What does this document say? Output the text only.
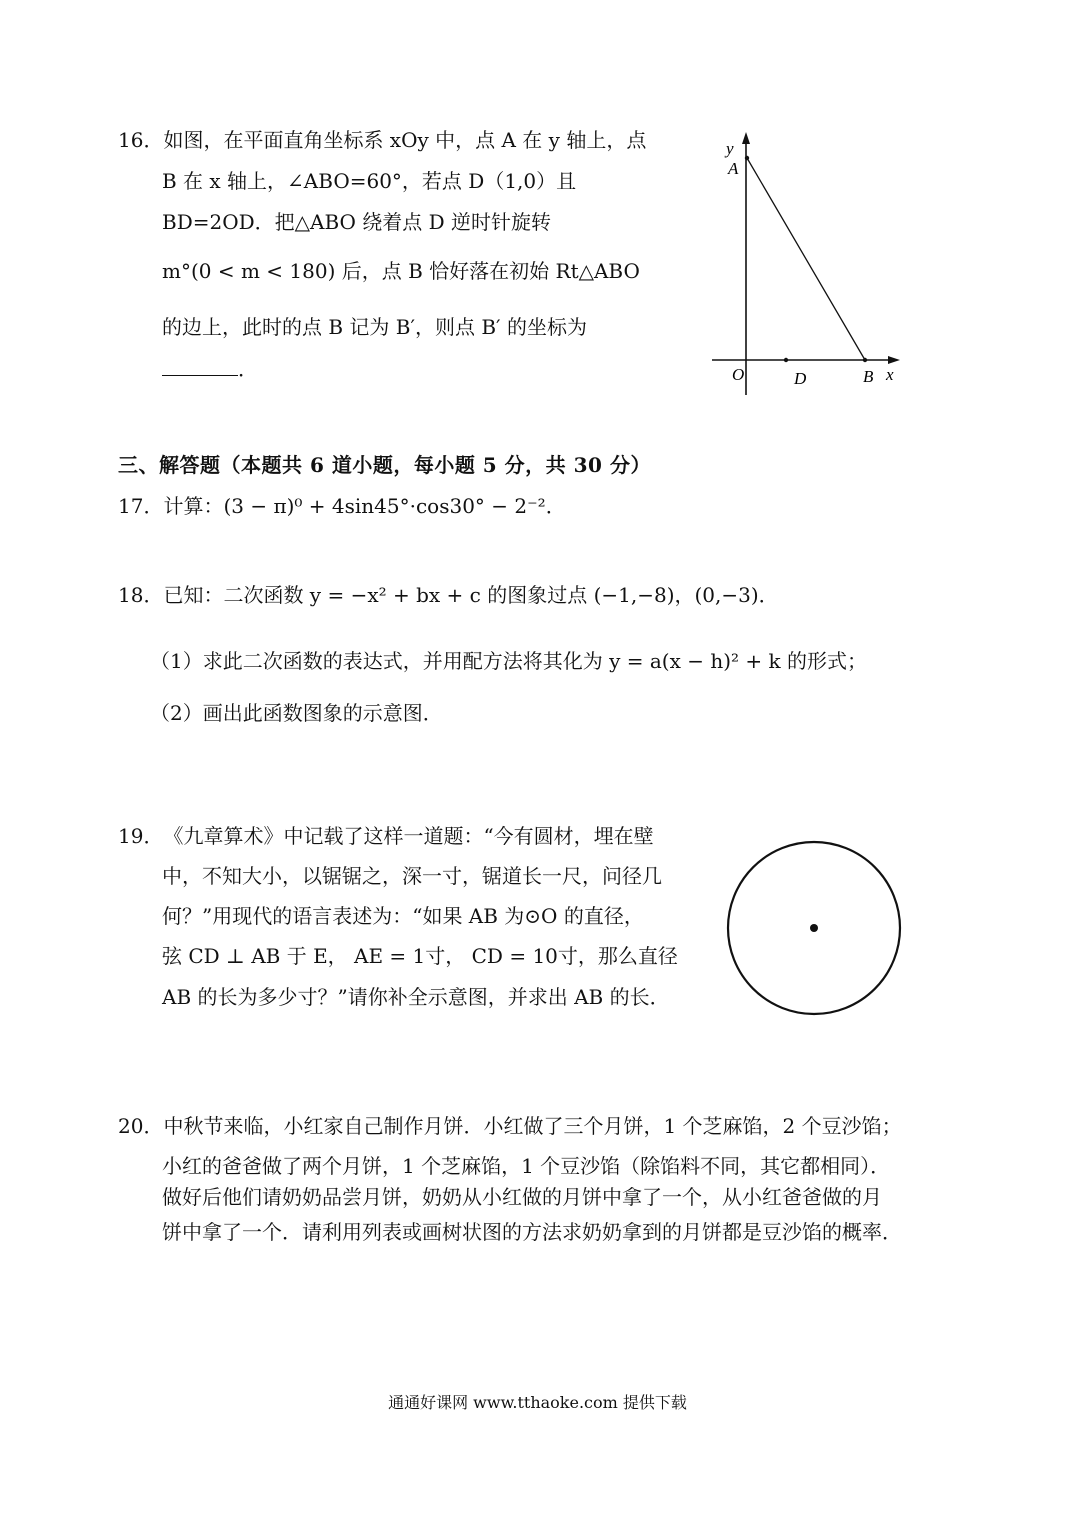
16．如图，在平面直角坐标系 xOy 中，点 A 在 y 轴上，点
B 在 x 轴上，∠ABO=60°，若点 D（1,0）且
BD=2OD．把△ABO 绕着点 D 逆时针旋转
m°(0 < m < 180) 后，点 B 恰好落在初始 Rt△ABO
的边上，此时的点 B 记为 B′，则点 B′ 的坐标为
．
y
A
O	D	B x
三、解答题（本题共 6 道小题，每小题 5 分，共 30 分）
17．计算：(3 − π)⁰ + 4sin45°·cos30° − 2⁻²．
18．已知：二次函数 y = −x² + bx + c 的图象过点 (−1,−8)，(0,−3)．
（1）求此二次函数的表达式，并用配方法将其化为 y = a(x − h)² + k 的形式；
（2）画出此函数图象的示意图．
19．《九章算术》中记载了这样一道题：“今有圆材，埋在壁
中，不知大小，以锯锯之，深一寸，锯道长一尺，问径几
何？”用现代的语言表述为：“如果 AB 为⊙O 的直径，
弦 CD ⊥ AB 于 E， AE = 1寸， CD = 10寸，那么直径
AB 的长为多少寸？”请你补全示意图，并求出 AB 的长．
20．中秋节来临，小红家自己制作月饼．小红做了三个月饼，1 个芝麻馅，2 个豆沙馅；
小红的爸爸做了两个月饼，1 个芝麻馅，1 个豆沙馅（除馅料不同，其它都相同）．
做好后他们请奶奶品尝月饼，奶奶从小红做的月饼中拿了一个，从小红爸爸做的月
饼中拿了一个．请利用列表或画树状图的方法求奶奶拿到的月饼都是豆沙馅的概率．
通通好课网 www.tthaoke.com 提供下载
